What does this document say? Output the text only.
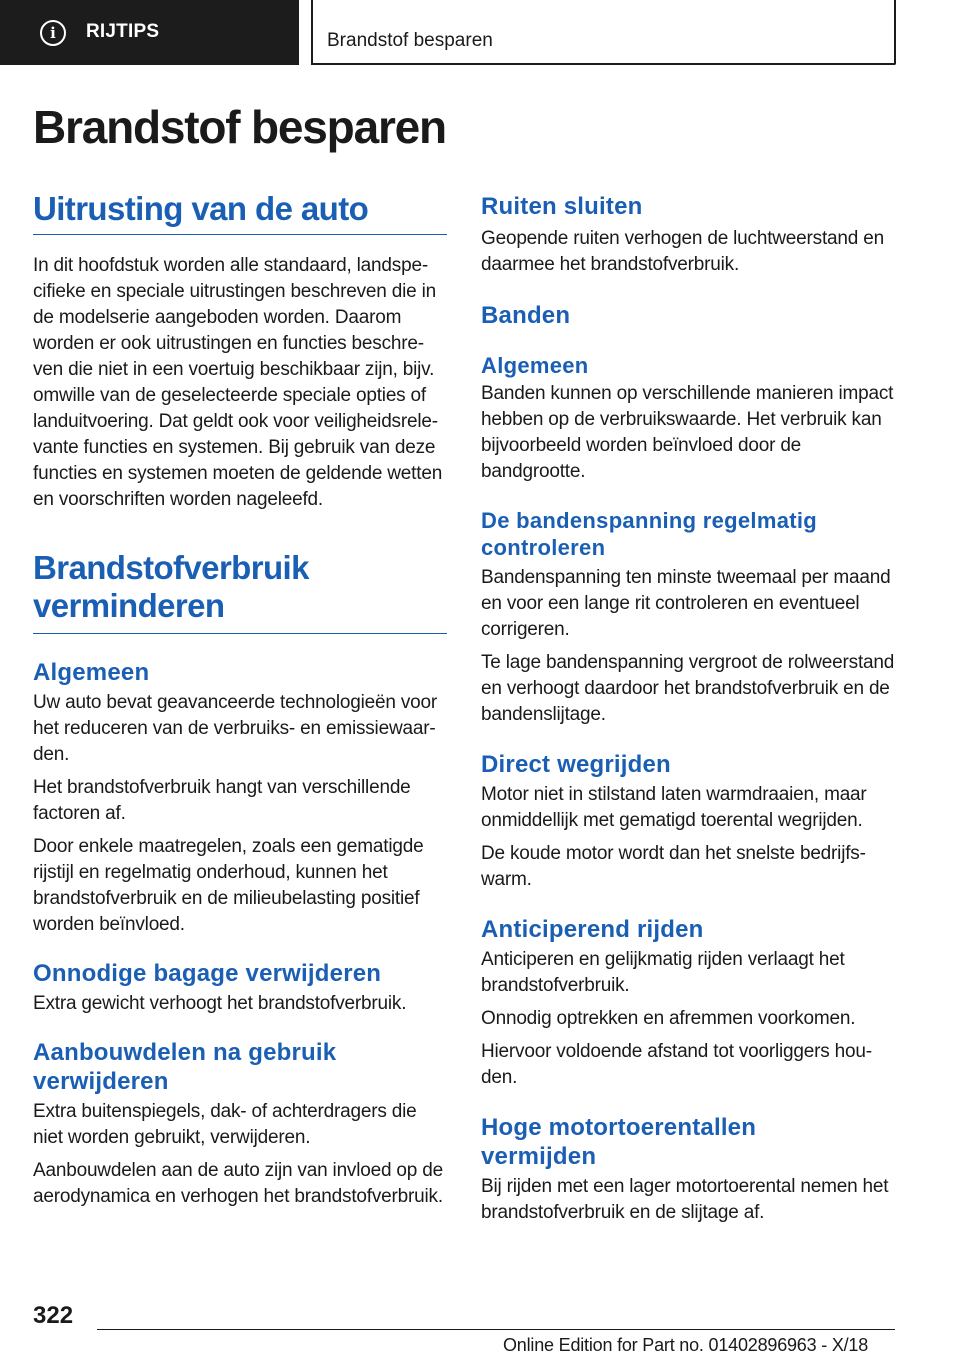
i	RIJTIPS	Brandstof besparen
Brandstof besparen
Uitrusting van de auto

In dit hoofdstuk worden alle standaard, landspecifieke en speciale uitrustingen beschreven die in de modelserie aangeboden worden. Daarom worden er ook uitrustingen en functies beschreven die niet in een voertuig beschikbaar zijn, bijv. omwille van de geselecteerde speciale opties of landuitvoering. Dat geldt ook voor veiligheidsrelevante functies en systemen. Bij gebruik van deze functies en systemen moeten de geldende wetten en voorschriften worden nageleefd.

Brandstofverbruik verminderen
Algemeen

Uw auto bevat geavanceerde technologieën voor het reduceren van de verbruiks- en emissiewaarden.

Het brandstofverbruik hangt van verschillende factoren af.

Door enkele maatregelen, zoals een gematigde rijstijl en regelmatig onderhoud, kunnen het brandstofverbruik en de milieubelasting positief worden beïnvloed.

Onnodige bagage verwijderen

Extra gewicht verhoogt het brandstofverbruik.

Aanbouwdelen na gebruik verwijderen

Extra buitenspiegels, dak- of achterdragers die niet worden gebruikt, verwijderen.

Aanbouwdelen aan de auto zijn van invloed op de aerodynamica en verhogen het brandstofverbruik.

Ruiten sluiten

Geopende ruiten verhogen de luchtweerstand en daarmee het brandstofverbruik.

Banden
Algemeen

Banden kunnen op verschillende manieren impact hebben op de verbruikswaarde. Het verbruik kan bijvoorbeeld worden beïnvloed door de bandgrootte.

De bandenspanning regelmatig controleren

Bandenspanning ten minste tweemaal per maand en voor een lange rit controleren en eventueel corrigeren.

Te lage bandenspanning vergroot de rolweerstand en verhoogt daardoor het brandstofverbruik en de bandenslijtage.

Direct wegrijden

Motor niet in stilstand laten warmdraaien, maar onmiddellijk met gematigd toerental wegrijden.

De koude motor wordt dan het snelste bedrijfswarm.

Anticiperend rijden

Anticiperen en gelijkmatig rijden verlaagt het brandstofverbruik.

Onnodig optrekken en afremmen voorkomen.

Hiervoor voldoende afstand tot voorliggers houden.

Hoge motortoerentallen vermijden

Bij rijden met een lager motortoerental nemen het brandstofverbruik en de slijtage af.

322
Online Edition for Part no. 01402896963 - X/18
